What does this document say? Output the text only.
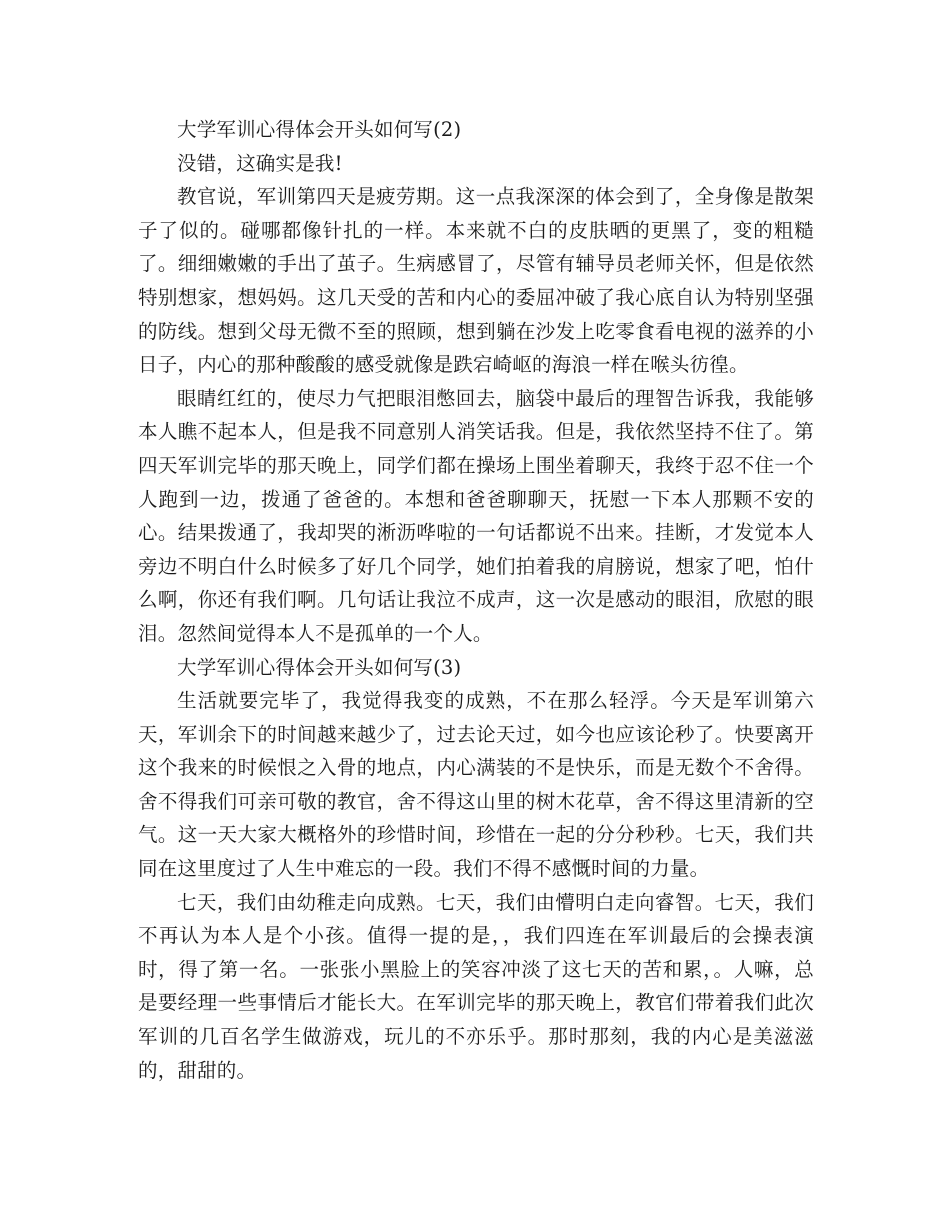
大学军训心得体会开头如何写(2)

没错，这确实是我!

教官说，军训第四天是疲劳期。这一点我深深的体会到了，全身像是散架子了似的。碰哪都像针扎的一样。本来就不白的皮肤晒的更黑了，变的粗糙了。细细嫩嫩的手出了茧子。生病感冒了，尽管有辅导员老师关怀，但是依然特别想家，想妈妈。这几天受的苦和内心的委屈冲破了我心底自认为特别坚强的防线。想到父母无微不至的照顾，想到躺在沙发上吃零食看电视的滋养的小日子，内心的那种酸酸的感受就像是跌宕崎岖的海浪一样在喉头彷徨。

眼睛红红的，使尽力气把眼泪憋回去，脑袋中最后的理智告诉我，我能够本人瞧不起本人，但是我不同意别人消笑话我。但是，我依然坚持不住了。第四天军训完毕的那天晚上，同学们都在操场上围坐着聊天，我终于忍不住一个人跑到一边，拨通了爸爸的。本想和爸爸聊聊天，抚慰一下本人那颗不安的心。结果拨通了，我却哭的淅沥哗啦的一句话都说不出来。挂断，才发觉本人旁边不明白什么时候多了好几个同学，她们拍着我的肩膀说，想家了吧，怕什么啊，你还有我们啊。几句话让我泣不成声，这一次是感动的眼泪，欣慰的眼泪。忽然间觉得本人不是孤单的一个人。

大学军训心得体会开头如何写(3)

生活就要完毕了，我觉得我变的成熟，不在那么轻浮。今天是军训第六天，军训余下的时间越来越少了，过去论天过，如今也应该论秒了。快要离开这个我来的时候恨之入骨的地点，内心满装的不是快乐，而是无数个不舍得。舍不得我们可亲可敬的教官，舍不得这山里的树木花草，舍不得这里清新的空气。这一天大家大概格外的珍惜时间，珍惜在一起的分分秒秒。七天，我们共同在这里度过了人生中难忘的一段。我们不得不感慨时间的力量。

七天，我们由幼稚走向成熟。七天，我们由懵明白走向睿智。七天，我们不再认为本人是个小孩。值得一提的是，，我们四连在军训最后的会操表演时，得了第一名。一张张小黑脸上的笑容冲淡了这七天的苦和累，。人嘛，总是要经理一些事情后才能长大。在军训完毕的那天晚上，教官们带着我们此次军训的几百名学生做游戏，玩儿的不亦乐乎。那时那刻，我的内心是美滋滋的，甜甜的。
